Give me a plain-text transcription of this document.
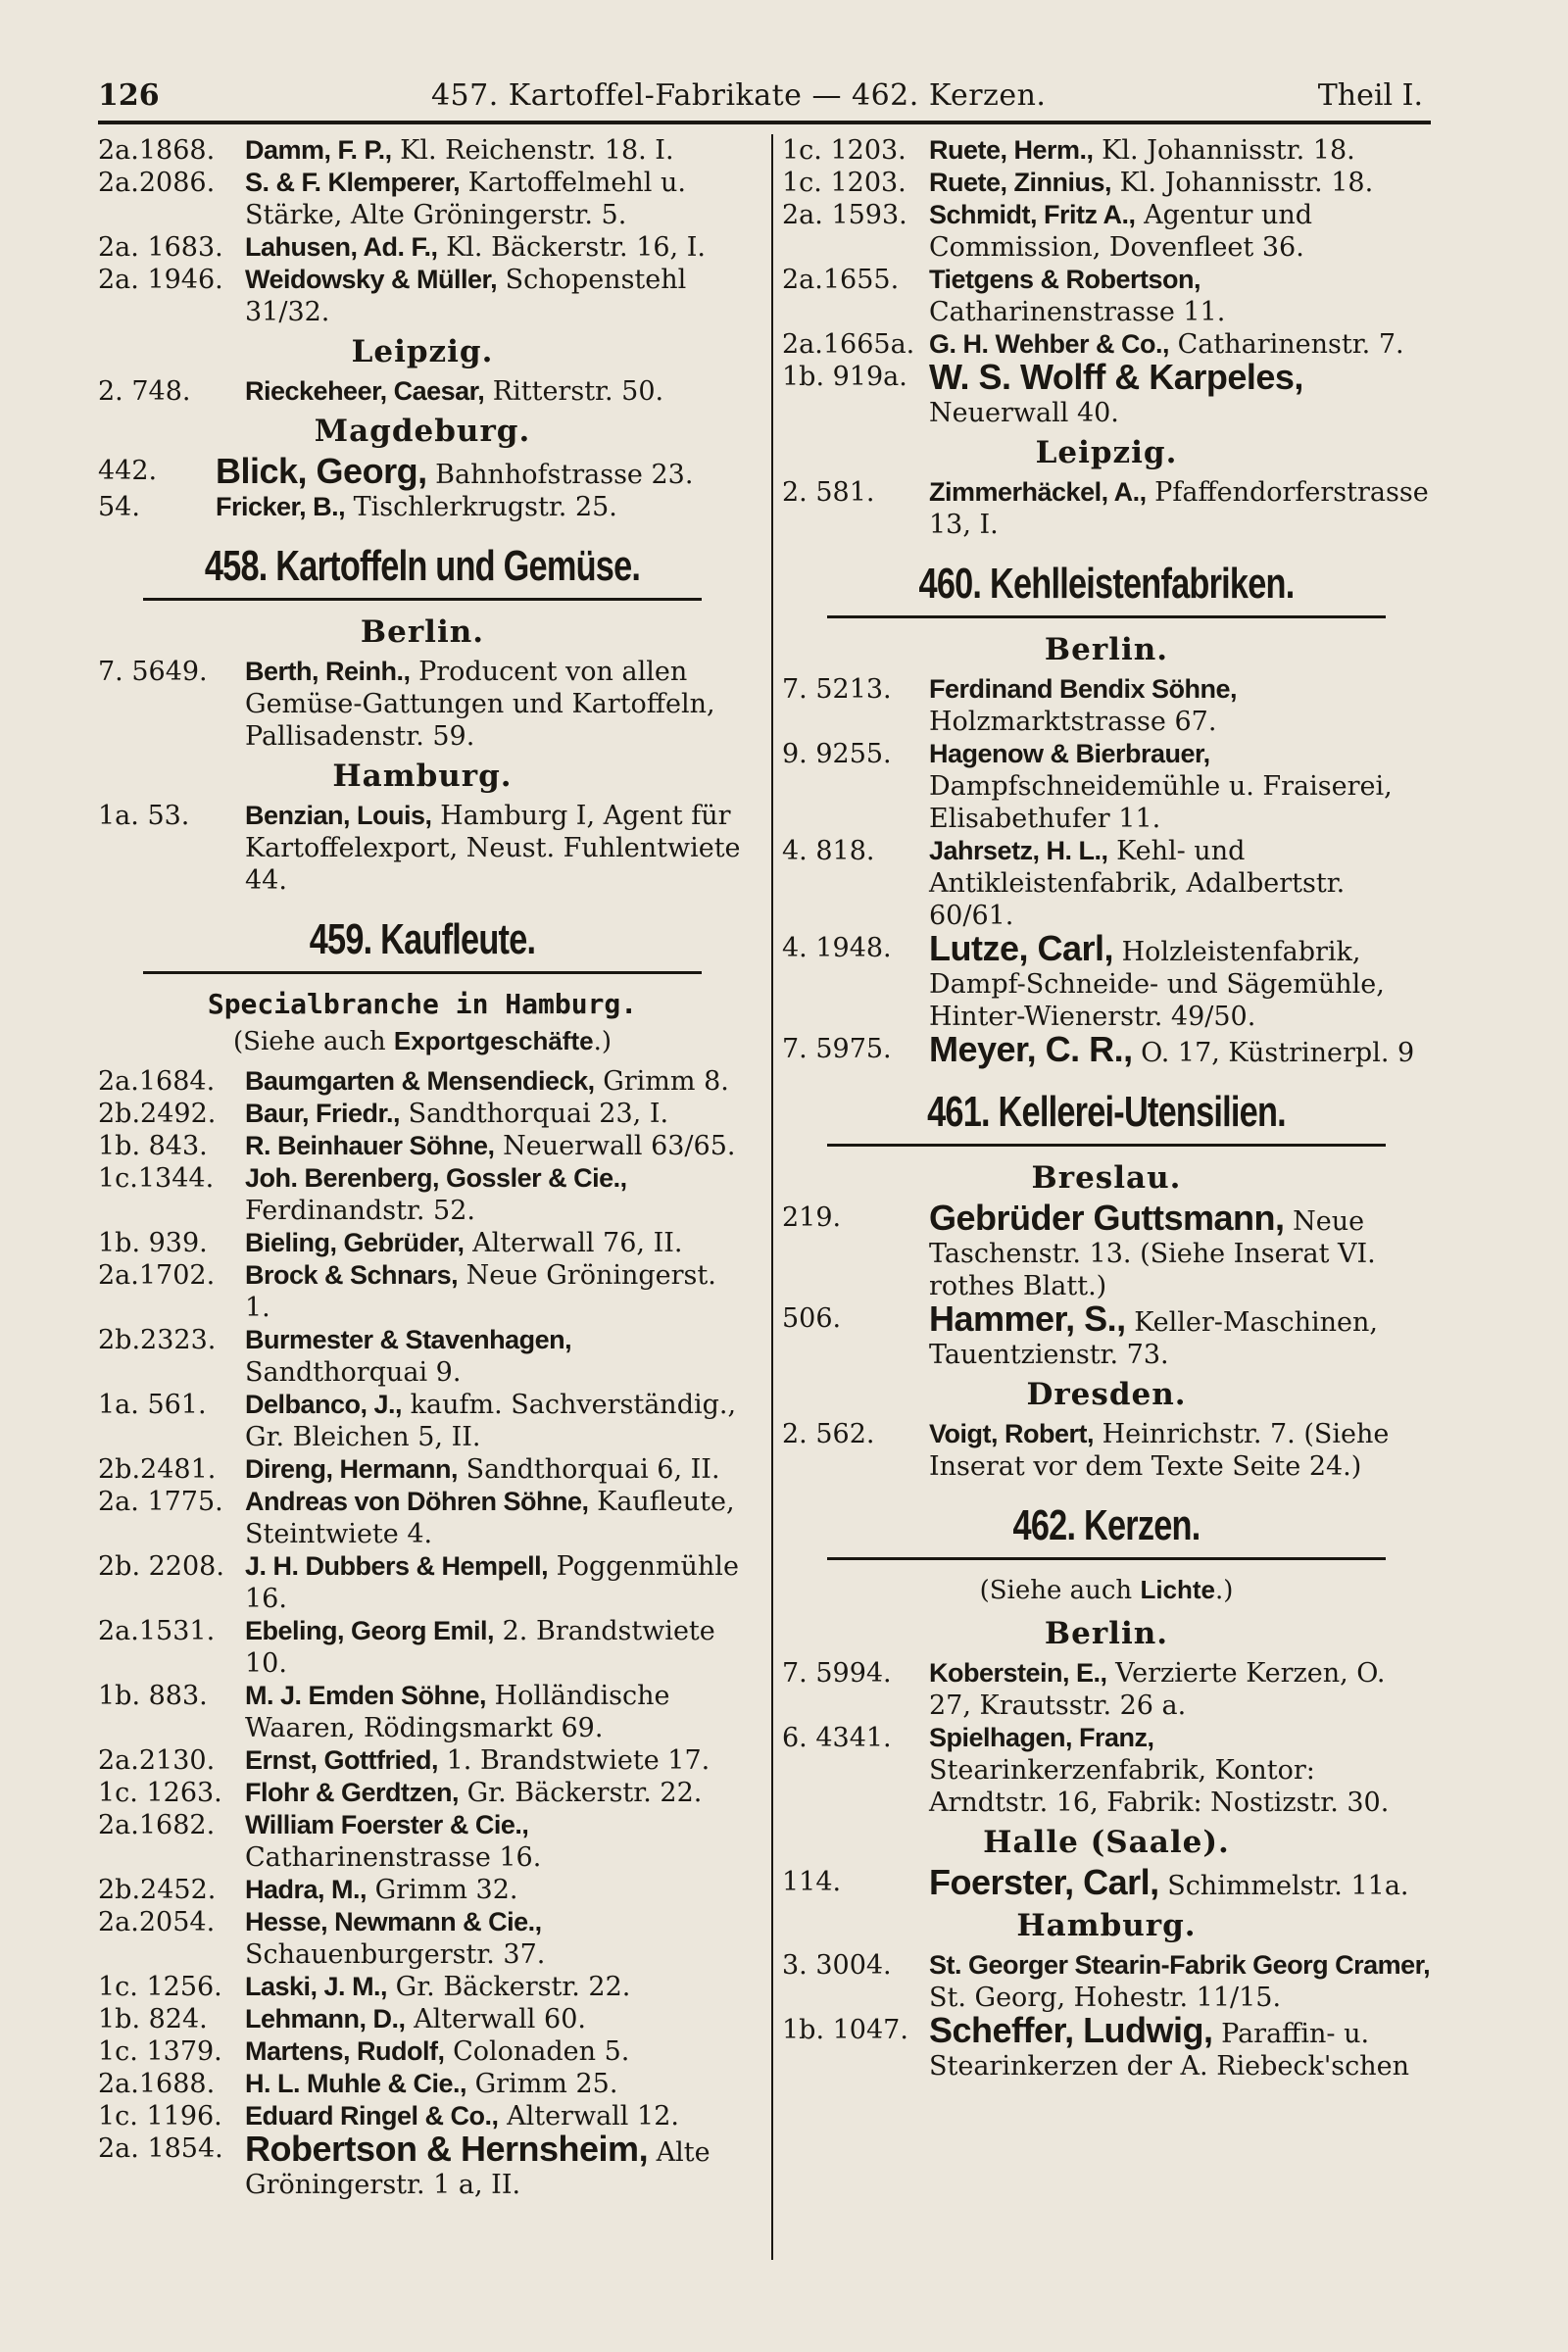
126	457. Kartoffel-Fabrikate — 462. Kerzen.	Theil I.
2a.1868.	Damm, F. P., Kl. Reichenstr. 18. I.
2a.2086.	S. & F. Klemperer, Kartoffelmehl u. Stärke, Alte Gröningerstr. 5.
2a. 1683. Lahusen, Ad. F., Kl. Bäckerstr. 16, I.
2a. 1946. Weidowsky & Müller, Schopenstehl 31/32.
Leipzig.
2. 748.	Rieckeheer, Caesar, Ritterstr. 50.
Magdeburg.
442.	Blick, Georg, Bahnhofstrasse 23.
54.	Fricker, B., Tischlerkrugstr. 25.
458. Kartoffeln und Gemüse.
Berlin.
7. 5649.	Berth, Reinh., Producent von allen Gemüse-Gattungen und Kartoffeln, Pallisadenstr. 59.
Hamburg.
1a. 53.	Benzian, Louis, Hamburg I, Agent für Kartoffelexport, Neust. Fuhlentwiete 44.
459. Kaufleute.
Specialbranche in Hamburg.
(Siehe auch Exportgeschäfte.)
2a.1684.	Baumgarten & Mensendieck, Grimm 8.
2b.2492.	Baur, Friedr., Sandthorquai 23, I.
1b. 843.	R. Beinhauer Söhne, Neuerwall 63/65.
1c.1344.	Joh. Berenberg, Gossler & Cie., Ferdinandstr. 52.
1b. 939.	Bieling, Gebrüder, Alterwall 76, II.
2a.1702.	Brock & Schnars, Neue Gröningerst. 1.
2b.2323.	Burmester & Stavenhagen, Sandthorquai 9.
1a. 561.	Delbanco, J., kaufm. Sachverständig., Gr. Bleichen 5, II.
2b.2481.	Direng, Hermann, Sandthorquai 6, II.
2a. 1775. Andreas von Döhren Söhne, Kaufleute, Steintwiete 4.
2b. 2208. J. H. Dubbers & Hempell, Poggenmühle 16.
2a.1531.	Ebeling, Georg Emil, 2. Brandstwiete 10.
1b. 883.	M. J. Emden Söhne, Holländische Waaren, Rödingsmarkt 69.
2a.2130.	Ernst, Gottfried, 1. Brandstwiete 17.
1c. 1263. Flohr & Gerdtzen, Gr. Bäckerstr. 22.
2a.1682.	William Foerster & Cie., Catharinenstrasse 16.
2b.2452.	Hadra, M., Grimm 32.
2a.2054.	Hesse, Newmann & Cie., Schauenburgerstr. 37.
1c. 1256. Laski, J. M., Gr. Bäckerstr. 22.
1b. 824.	Lehmann, D., Alterwall 60.
1c. 1379. Martens, Rudolf, Colonaden 5.
2a.1688.	H. L. Muhle & Cie., Grimm 25.
1c. 1196. Eduard Ringel & Co., Alterwall 12.
2a. 1854. Robertson & Hernsheim, Alte Gröningerstr. 1 a, II.
1c. 1203. Ruete, Herm., Kl. Johannisstr. 18.
1c. 1203. Ruete, Zinnius, Kl. Johannisstr. 18.
2a. 1593. Schmidt, Fritz A., Agentur und Commission, Dovenfleet 36.
2a.1655.	Tietgens & Robertson, Catharinenstrasse 11.
2a.1665a. G. H. Wehber & Co., Catharinenstr. 7.
1b. 919a. W. S. Wolff & Karpeles, Neuerwall 40.
Leipzig.
2. 581.	Zimmerhäckel, A., Pfaffendorferstrasse 13, I.
460. Kehlleistenfabriken.
Berlin.
7. 5213.	Ferdinand Bendix Söhne, Holzmarktstrasse 67.
9. 9255.	Hagenow & Bierbrauer, Dampfschneidemühle u. Fraiserei, Elisabethufer 11.
4. 818.	Jahrsetz, H. L., Kehl- und Antikleistenfabrik, Adalbertstr. 60/61.
4. 1948.	Lutze, Carl, Holzleistenfabrik, Dampf-Schneide- und Sägemühle, Hinter-Wienerstr. 49/50.
7. 5975.	Meyer, C. R., O. 17, Küstrinerpl. 9
461. Kellerei-Utensilien.
Breslau.
219.	Gebrüder Guttsmann, Neue Taschenstr. 13. (Siehe Inserat VI. rothes Blatt.)
506.	Hammer, S., Keller-Maschinen, Tauentzienstr. 73.
Dresden.
2. 562.	Voigt, Robert, Heinrichstr. 7. (Siehe Inserat vor dem Texte Seite 24.)
462. Kerzen.
(Siehe auch Lichte.)
Berlin.
7. 5994.	Koberstein, E., Verzierte Kerzen, O. 27, Krautsstr. 26 a.
6. 4341.	Spielhagen, Franz, Stearinkerzenfabrik, Kontor: Arndtstr. 16, Fabrik: Nostizstr. 30.
Halle (Saale).
114.	Foerster, Carl, Schimmelstr. 11a.
Hamburg.
3. 3004.	St. Georger Stearin-Fabrik Georg Cramer, St. Georg, Hohestr. 11/15.
1b. 1047. Scheffer, Ludwig, Paraffin- u. Stearinkerzen der A. Riebeck'schen
